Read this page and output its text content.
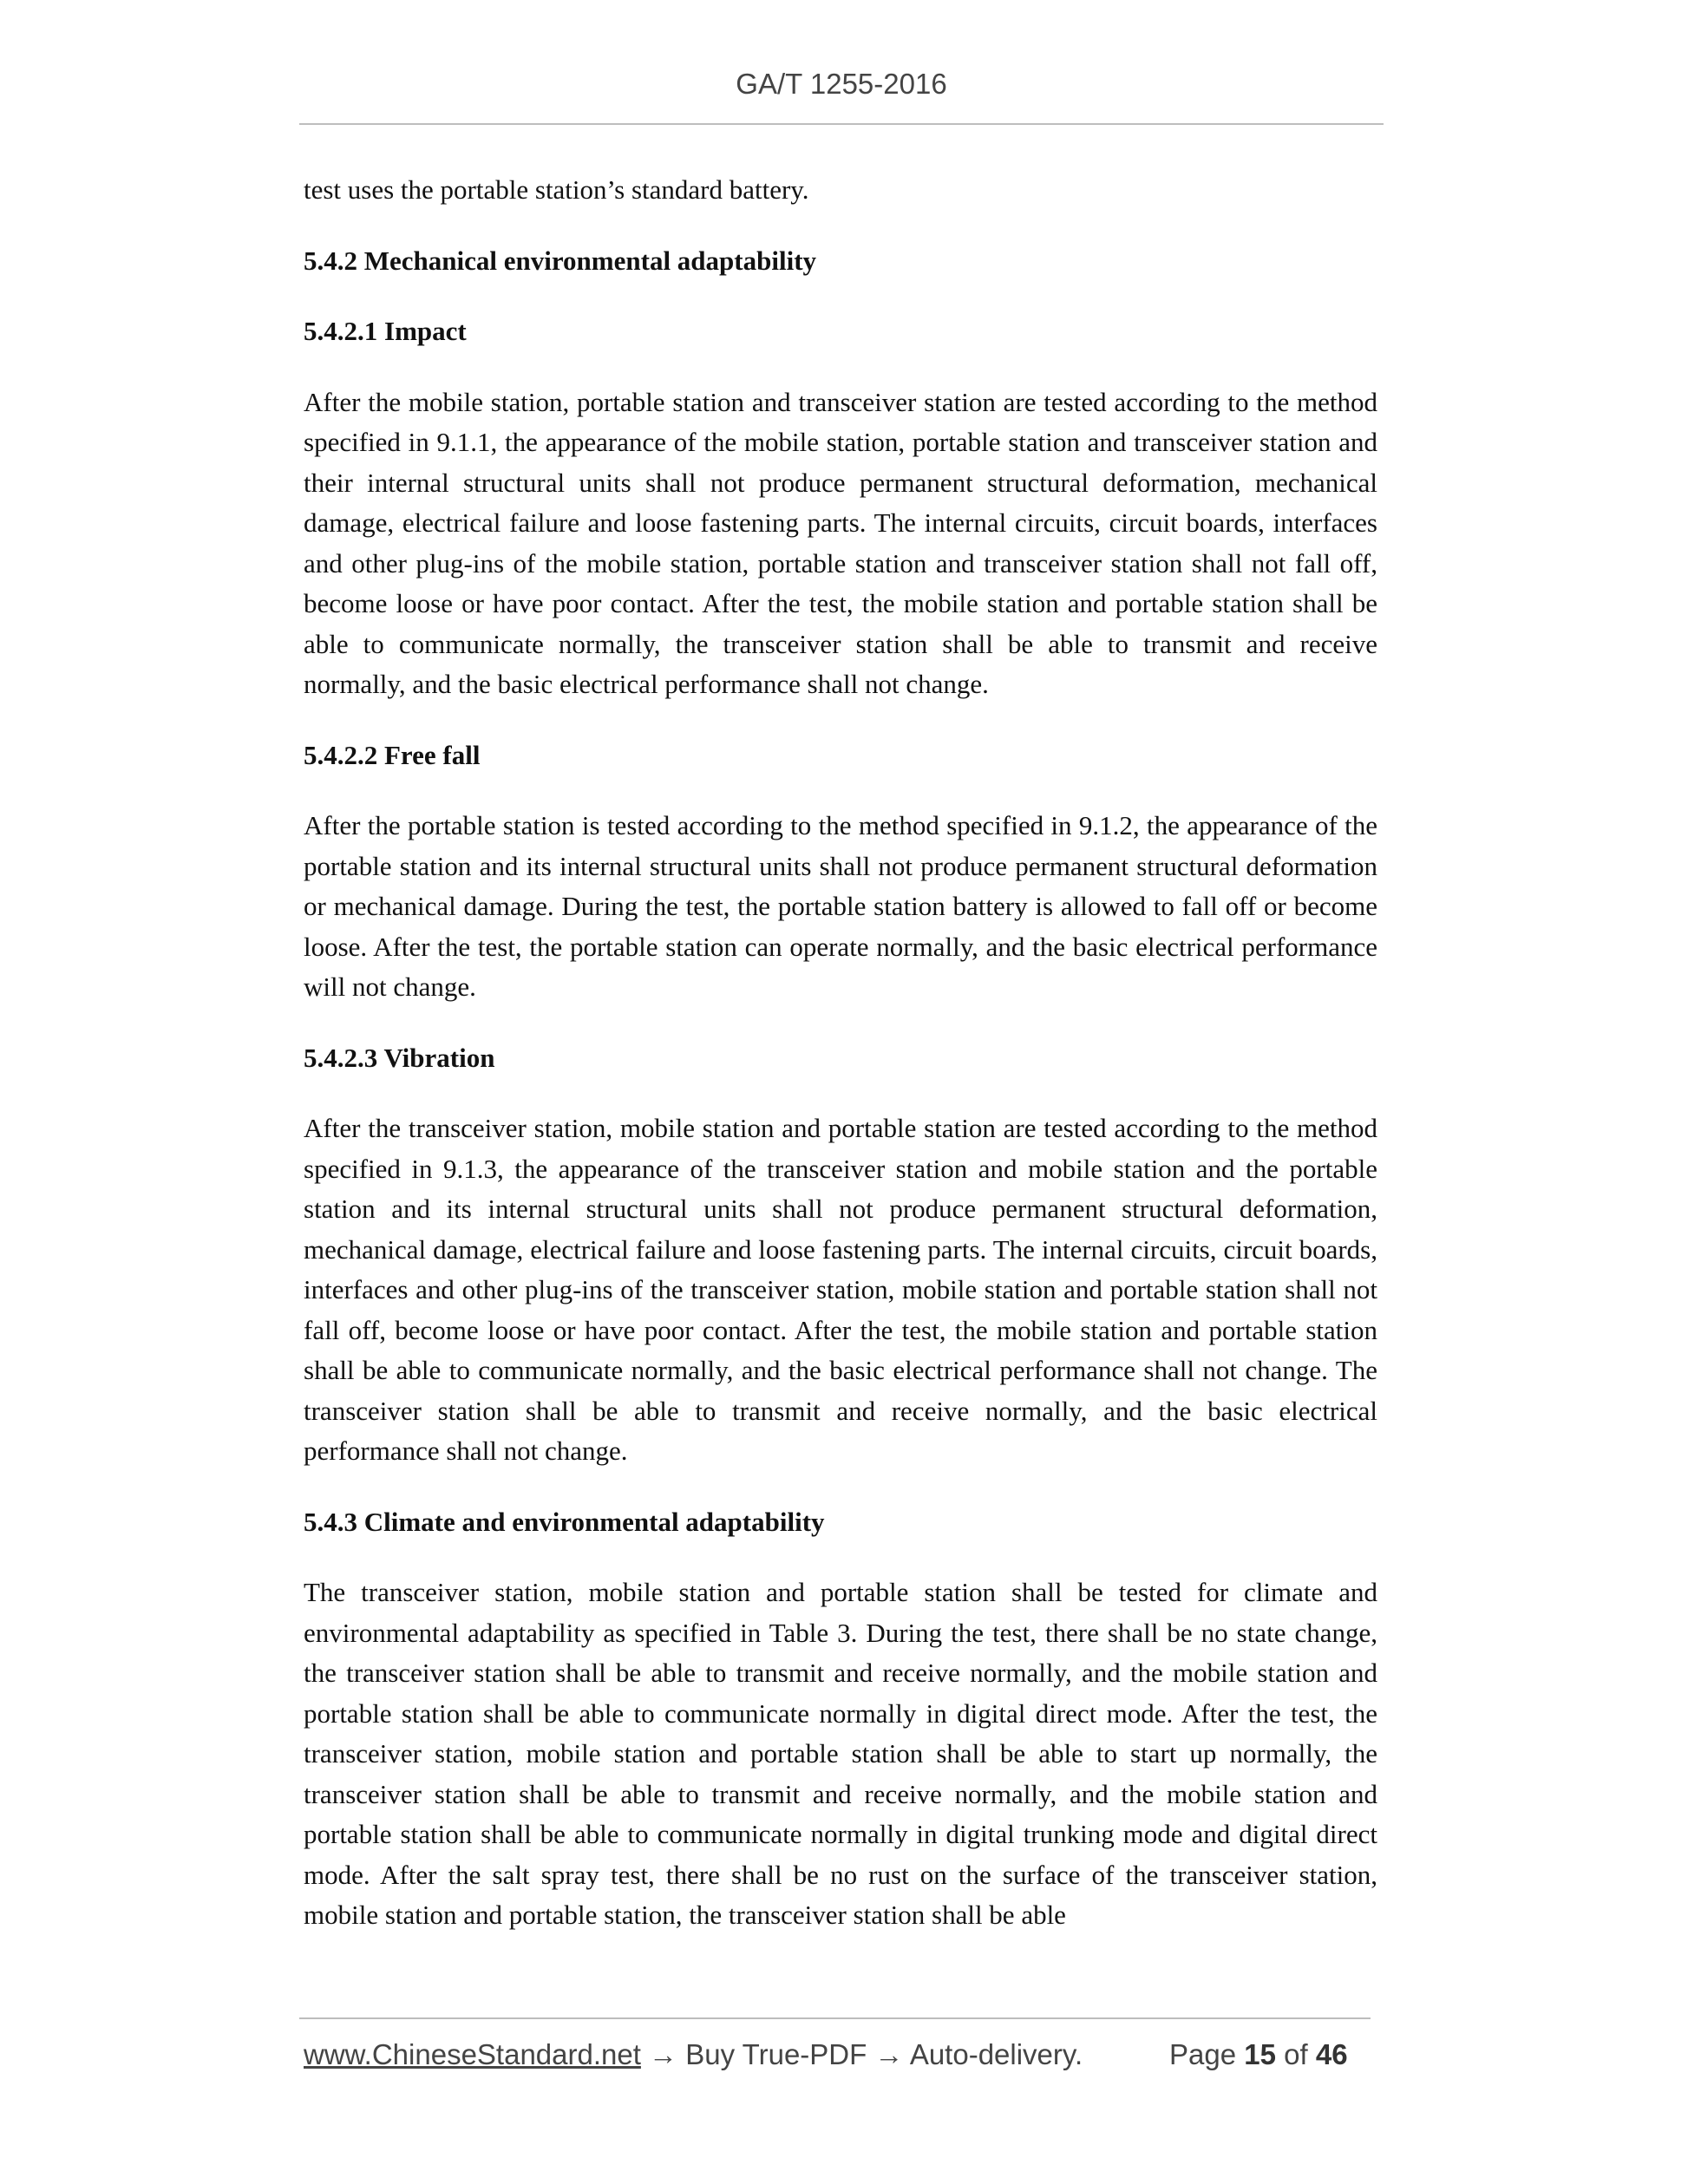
GA/T 1255-2016

test uses the portable station’s standard battery.

5.4.2 Mechanical environmental adaptability
5.4.2.1 Impact

After the mobile station, portable station and transceiver station are tested according to the method specified in 9.1.1, the appearance of the mobile station, portable station and transceiver station and their internal structural units shall not produce permanent structural deformation, mechanical damage, electrical failure and loose fastening parts. The internal circuits, circuit boards, interfaces and other plug-ins of the mobile station, portable station and transceiver station shall not fall off, become loose or have poor contact. After the test, the mobile station and portable station shall be able to communicate normally, the transceiver station shall be able to transmit and receive normally, and the basic electrical performance shall not change.

5.4.2.2 Free fall

After the portable station is tested according to the method specified in 9.1.2, the appearance of the portable station and its internal structural units shall not produce permanent structural deformation or mechanical damage. During the test, the portable station battery is allowed to fall off or become loose. After the test, the portable station can operate normally, and the basic electrical performance will not change.

5.4.2.3 Vibration

After the transceiver station, mobile station and portable station are tested according to the method specified in 9.1.3, the appearance of the transceiver station and mobile station and the portable station and its internal structural units shall not produce permanent structural deformation, mechanical damage, electrical failure and loose fastening parts. The internal circuits, circuit boards, interfaces and other plug-ins of the transceiver station, mobile station and portable station shall not fall off, become loose or have poor contact. After the test, the mobile station and portable station shall be able to communicate normally, and the basic electrical performance shall not change. The transceiver station shall be able to transmit and receive normally, and the basic electrical performance shall not change.

5.4.3 Climate and environmental adaptability

The transceiver station, mobile station and portable station shall be tested for climate and environmental adaptability as specified in Table 3. During the test, there shall be no state change, the transceiver station shall be able to transmit and receive normally, and the mobile station and portable station shall be able to communicate normally in digital direct mode. After the test, the transceiver station, mobile station and portable station shall be able to start up normally, the transceiver station shall be able to transmit and receive normally, and the mobile station and portable station shall be able to communicate normally in digital trunking mode and digital direct mode. After the salt spray test, there shall be no rust on the surface of the transceiver station, mobile station and portable station, the transceiver station shall be able

www.ChineseStandard.net → Buy True-PDF → Auto-delivery.	Page 15 of 46
